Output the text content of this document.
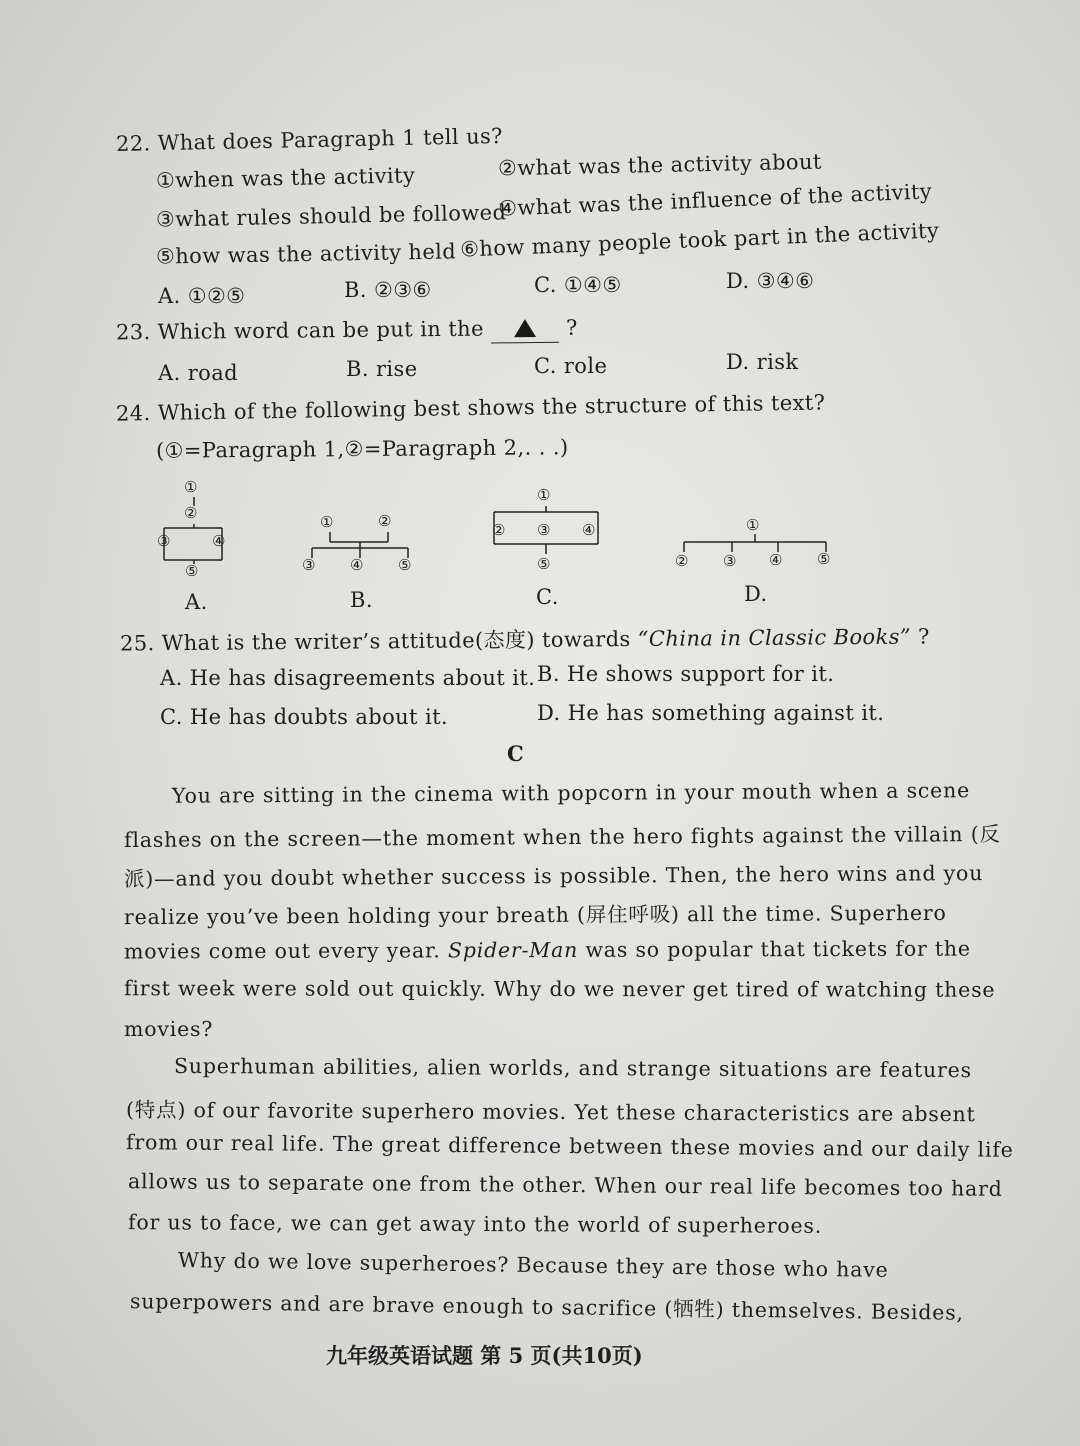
22. What does Paragraph 1 tell us?
①when was the activity	②what was the activity about
③what rules should be followed
④what was the influence of the activity
⑤how was the activity held ⑥how many people took part in the activity
A. ①②⑤	B. ②③⑥	C. ①④⑤	D. ③④⑥
23. Which word can be put in the	?
A. road	B. rise	C. role	D. risk
24. Which of the following best shows the structure of this text?
(①=Paragraph 1,②=Paragraph 2,. . .)
①
②
③	④
⑤
A.
①	②
③ ④ ⑤
B.
①
② ③ ④
⑤
C.
①
② ③ ④ ⑤
D.
25. What is the writer’s attitude(态度) towards “China in Classic Books” ?
A. He has disagreements about it. B. He shows support for it.
C. He has doubts about it.	D. He has something against it.
C
You are sitting in the cinema with popcorn in your mouth when a scene
flashes on the screen—the moment when the hero fights against the villain (反
派)—and you doubt whether success is possible. Then, the hero wins and you
realize you’ve been holding your breath (屏住呼吸) all the time. Superhero
movies come out every year. Spider-Man was so popular that tickets for the
first week were sold out quickly. Why do we never get tired of watching these
movies?
Superhuman abilities, alien worlds, and strange situations are features
(特点) of our favorite superhero movies. Yet these characteristics are absent
from our real life. The great difference between these movies and our daily life
allows us to separate one from the other. When our real life becomes too hard
for us to face, we can get away into the world of superheroes.
Why do we love superheroes? Because they are those who have
superpowers and are brave enough to sacrifice (牺牲) themselves. Besides,
九年级英语试题 第 5 页(共10页)
